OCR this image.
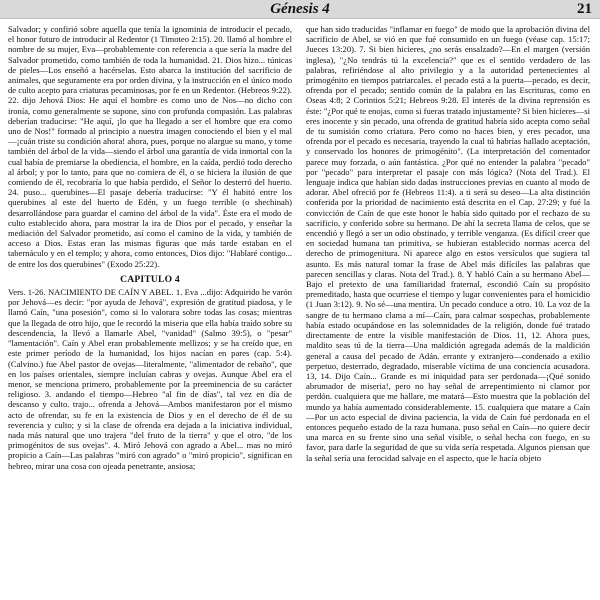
Génesis 4	21

Salvador; y confirió sobre aquella que tenía la ignominia de introducir el pecado, el honor futuro de introducir al Redentor (1 Timoteo 2:15). 20. llamó al hombre el nombre de su mujer, Eva—probablemente con referencia a que sería la madre del Salvador prometido, como también de toda la humanidad. 21. Dios hizo... túnicas de pieles—Los enseñó a hacérselas. Esto abarca la institución del sacrificio de animales, que seguramente era por orden divina, y la instrucción en el único modo de culto acepto para criaturas pecaminosas, por fe en un Redentor. (Hebreos 9:22). 22. dijo Jehová Dios: He aquí el hombre es como uno de Nos—no dicho con ironía, como generalmente se supone, sino con profunda compasión. Las palabras deberían traducirse: "He aquí, ¡lo que ha llegado a ser el hombre que era como uno de Nos!" formado al principio a nuestra imagen conociendo el bien y el mal—¡cuán triste su condición ahora! ahora, pues, porque no alargue su mano, y tome también del árbol de la vida—siendo el árbol una garantía de vida inmortal con la cual había de premiarse la obediencia, el hombre, en la caída, perdió todo derecho al árbol; y por lo tanto, para que no comiera de él, o se hiciera la ilusión de que comiendo de él, recobraría lo que había perdido, el Señor lo desterró del huerto. 24. puso... querubines—El pasaje debería traducirse: "Y él habitó entre los querubines al este del huerto de Edén, y un fuego terrible (o shechinah) desarrollándose para guardar el camino del árbol de la vida". Éste era el modo de culto establecido ahora, para mostrar la ira de Dios por el pecado, y enseñar la mediación del Salvador prometido, así como el camino de la vida, y también de acceso a Dios. Estas eran las mismas figuras que más tarde estaban en el tabernáculo y en el templo; y ahora, como entonces, Dios dijo: "Hablaré contigo... de entre los dos querubines" (Exodo 25:22).

CAPITULO 4

Vers. 1-26. NACIMIENTO DE CAÍN Y ABEL. 1. Eva ...dijo: Adquirido he varón por Jehová—es decir: "por ayuda de Jehová", expresión de gratitud piadosa, y le llamó Caín, "una posesión", como si lo valorara sobre todas las cosas; mientras que la llegada de otro hijo, que le recordó la miseria que ella había traído sobre su descendencia, la llevó a llamarle Abel, "vanidad" (Salmo 39:5), o "pesar" "lamentación". Caín y Abel eran probablemente mellizos; y se ha creído que, en este primer período de la humanidad, los hijos nacían en pares (cap. 5:4). (Calvino.) fue Abel pastor de ovejas—literalmente, "alimentador de rebaño", que en los países orientales, siempre incluían cabras y ovejas. Aunque Abel era el menor, se menciona primero, probablemente por la preeminencia de su carácter religioso. 3. andando el tiempo—Hebreo "al fin de días", tal vez en día de descanso y culto. trajo... ofrenda a Jehová—Ambos manifestaron por el mismo acto de ofrendar, su fe en la existencia de Dios y en el derecho de él de su reverencia y culto; y si la clase de ofrenda era dejada a la iniciativa individual, nada más natural que uno trajera "del fruto de la tierra" y que el otro, "de los primogénitos de sus ovejas". 4. Miró Jehová con agrado a Abel... mas no miró propicio a Caín—Las palabras "miró con agrado" o "miró propicio", significan en hebreo, mirar una cosa con ojeada penetrante, ansiosa;

que han sido traducidas "inflamar en fuego" de modo que la aprobación divina del sacrificio de Abel, se vió en que fué consumido en un fuego (véase cap. 15:17; Jueces 13:20). 7. Si bien hicieres, ¿no serás ensalzado?—En el margen (versión inglesa), "¿No tendrás tú la excelencia?" que es el sentido verdadero de las palabras, refiriéndose al alto privilegio y a la autoridad pertenecientes al primogénito en tiempos patriarcales. el pecado está a la puerta—pecado, es decir, ofrenda por el pecado; sentido común de la palabra en las Escrituras, como en Oseas 4:8; 2 Corintios 5:21; Hebreos 9:28. El interés de la divina reprensión es éste: "¿Por qué te enojas, como si fueras tratado injustamente? Si bien hicieres—si eres inocente y sin pecado, una ofrenda de gratitud habría sido acepta como señal de tu sumisión como criatura. Pero como no haces bien, y eres pecador, una ofrenda por el pecado es necesaria, trayendo la cual tú habrías hallado aceptación, y conservado los honores de primogénito". (La interpretación del comentador parece muy forzada, o aún fantástica. ¿Por qué no entender la palabra "pecado" por "pecado" para interpretar el pasaje con más lógica? (Nota del Trad.). El lenguaje indica que habían sido dadas instrucciones previas en cuanto al modo de adorar. Abel ofreció por fe (Hebreos 11:4). a ti será su deseo—La alta distinción conferida por la prioridad de nacimiento está descrita en el Cap. 27:29; y fué la convicción de Caín de que este honor le había sido quitado por el rechazo de su sacrificio, y conferido sobre su hermano. De ahí la secreta llama de celos, que se encendió y llegó a ser un odio obstinado, y terrible venganza. (Es difícil creer que en sociedad humana tan primitiva, se hubieran establecido normas acerca del derecho de primogenitura. Ni aparece algo en estos versículos que sugiera tal asunto. Es más natural tomar la frase de Abel más difíciles las palabras que parecen sencillas y claras. Nota del Trad.). 8. Y habló Caín a su hermano Abel—Bajo el pretexto de una familiaridad fraternal, escondió Caín su propósito premeditado, hasta que ocurriese el tiempo y lugar convenientes para el homicidio (1 Juan 3:12). 9. No sé—una mentira. Un pecado conduce a otro. 10. La voz de la sangre de tu hermano clama a mí—Caín, para calmar sospechas, probablemente había estado ocupándose en las solemnidades de la religión, donde fué tratado directamente de entre la visible manifestación de Dios. 11, 12. Ahora pues, maldito seas tú de la tierra—Una maldición agregada además de la maldición general a causa del pecado de Adán. errante y extranjero—condenado a exilio perpetuo, desterrado, degradado, miserable víctima de una conciencia acusadora. 13, 14. Dijo Caín... Grande es mi iniquidad para ser perdonada—¡Qué sonido abrumador de miseria!, pero no hay señal de arrepentimiento ni clamor por perdón. cualquiera que me hallare, me matará—Esto muestra que la población del mundo ya había aumentado considerablemente. 15. cualquiera que matare a Caín—Por un acto especial de divina paciencia, la vida de Caín fué perdonada en el entonces pequeño estado de la raza humana. puso señal en Caín—no quiere decir una marca en su frente sino una señal visible, o señal hecha con fuego, en su favor, para darle la seguridad de que su vida sería respetada. Algunos piensan que la señal sería una ferocidad salvaje en el aspecto, que le hacía objeto
